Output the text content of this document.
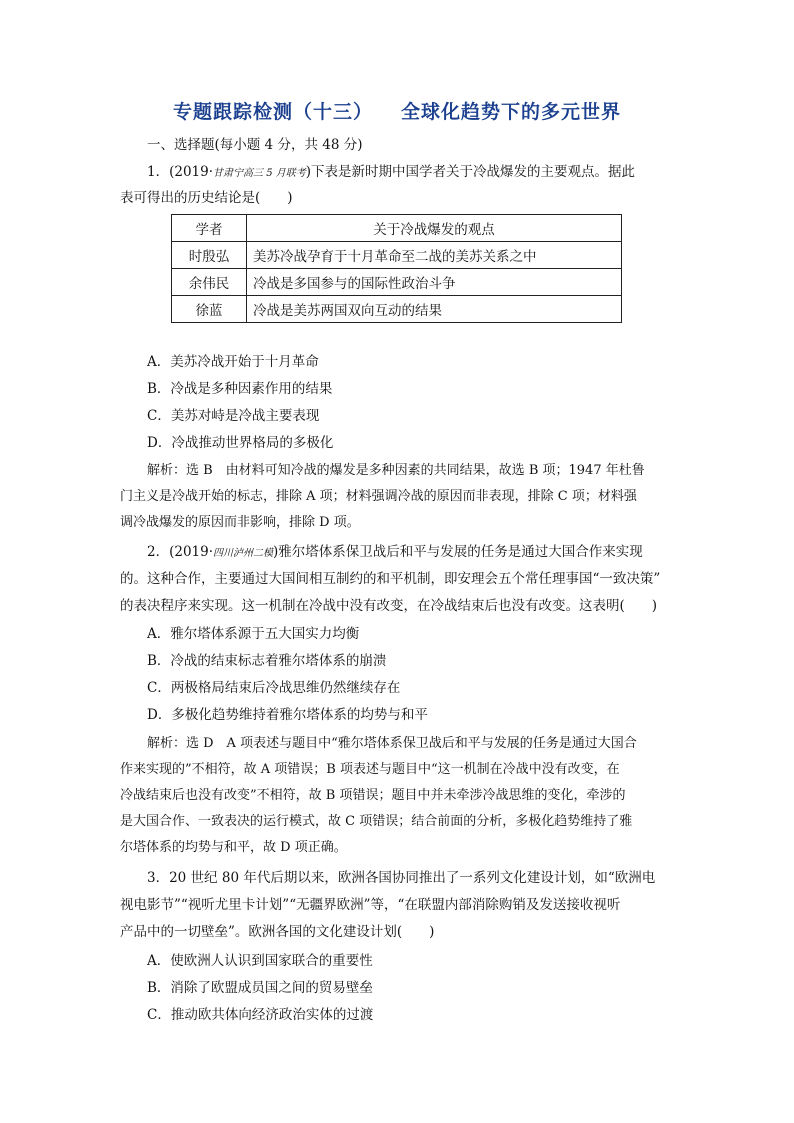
专题跟踪检测（十三） 全球化趋势下的多元世界
一、选择题(每小题 4 分，共 48 分)
1．(2019·甘肃宁高三 5 月联考)下表是新时期中国学者关于冷战爆发的主要观点。据此
表可得出的历史结论是(　　)
学者	关于冷战爆发的观点
时殷弘	美苏冷战孕育于十月革命至二战的美苏关系之中
余伟民	冷战是多国参与的国际性政治斗争
徐蓝	冷战是美苏两国双向互动的结果
A．美苏冷战开始于十月革命
B．冷战是多种因素作用的结果
C．美苏对峙是冷战主要表现
D．冷战推动世界格局的多极化
解析：选 B　由材料可知冷战的爆发是多种因素的共同结果，故选 B 项；1947 年杜鲁
门主义是冷战开始的标志，排除 A 项；材料强调冷战的原因而非表现，排除 C 项；材料强
调冷战爆发的原因而非影响，排除 D 项。
2．(2019·四川泸州二模)雅尔塔体系保卫战后和平与发展的任务是通过大国合作来实现
的。这种合作，主要通过大国间相互制约的和平机制，即安理会五个常任理事国“一致决策”
的表决程序来实现。这一机制在冷战中没有改变，在冷战结束后也没有改变。这表明(　　)
A．雅尔塔体系源于五大国实力均衡
B．冷战的结束标志着雅尔塔体系的崩溃
C．两极格局结束后冷战思维仍然继续存在
D．多极化趋势维持着雅尔塔体系的均势与和平
解析：选 D　A 项表述与题目中“雅尔塔体系保卫战后和平与发展的任务是通过大国合
作来实现的”不相符，故 A 项错误；B 项表述与题目中“这一机制在冷战中没有改变，在
冷战结束后也没有改变”不相符，故 B 项错误；题目中并未牵涉冷战思维的变化，牵涉的
是大国合作、一致表决的运行模式，故 C 项错误；结合前面的分析，多极化趋势维持了雅
尔塔体系的均势与和平，故 D 项正确。
3．20 世纪 80 年代后期以来，欧洲各国协同推出了一系列文化建设计划，如“欧洲电
视电影节”“视听尤里卡计划”“无疆界欧洲”等，“在联盟内部消除购销及发送接收视听
产品中的一切壁垒”。欧洲各国的文化建设计划(　　)
A．使欧洲人认识到国家联合的重要性
B．消除了欧盟成员国之间的贸易壁垒
C．推动欧共体向经济政治实体的过渡
